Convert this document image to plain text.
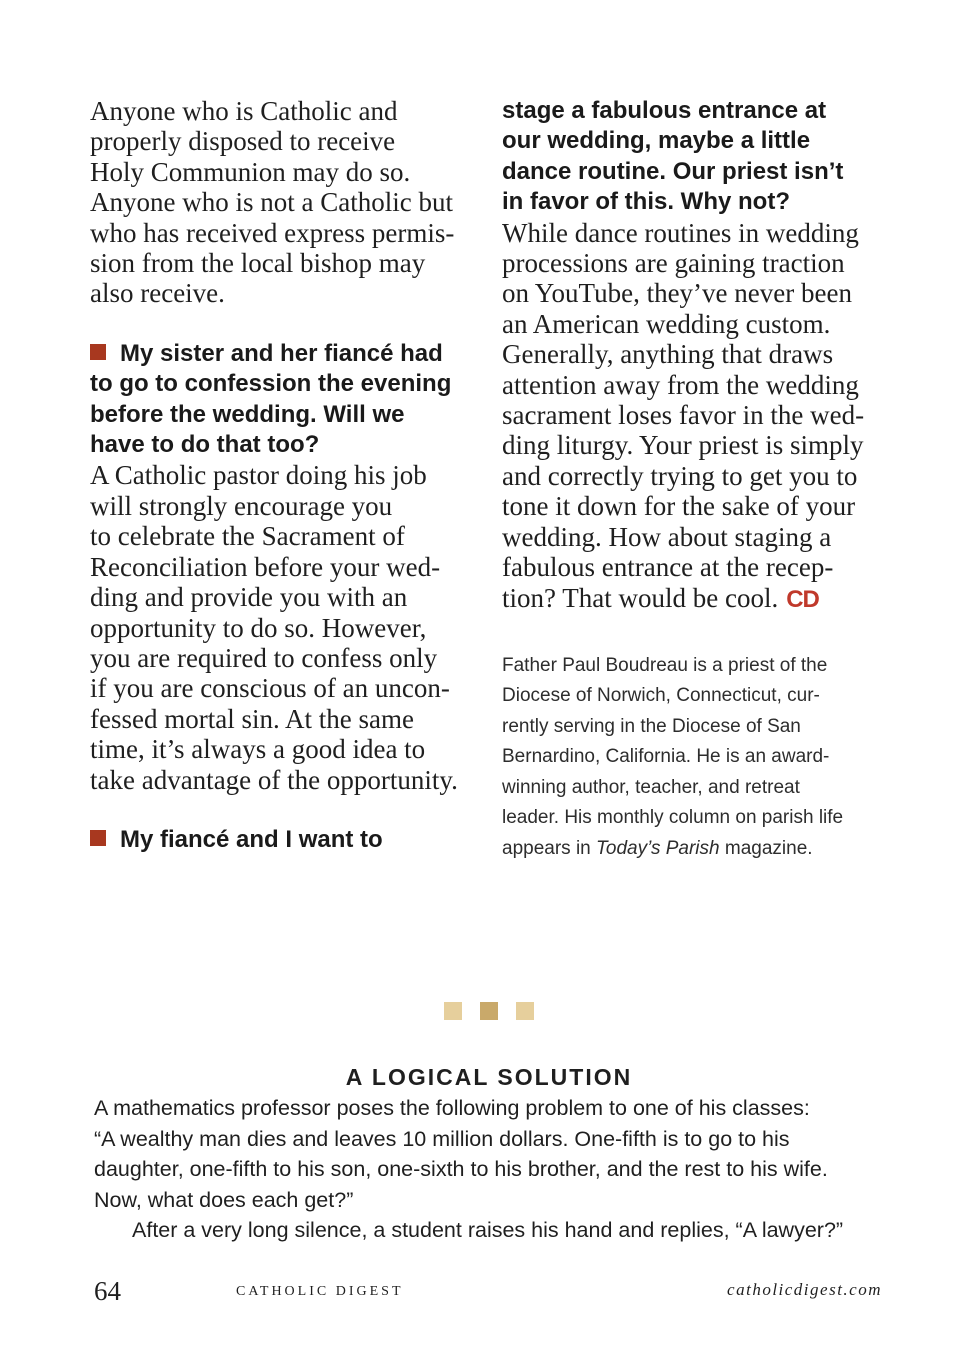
Anyone who is Catholic and

properly disposed to receive

Holy Communion may do so.

Anyone who is not a Catholic but

who has received express permis-

sion from the local bishop may

also receive.

My sister and her fiancé had

to go to confession the evening

before the wedding. Will we

have to do that too?

A Catholic pastor doing his job

will strongly encourage you

to celebrate the Sacrament of

Reconciliation before your wed-

ding and provide you with an

opportunity to do so. However,

you are required to confess only

if you are conscious of an uncon-

fessed mortal sin. At the same

time, it’s always a good idea to

take advantage of the opportunity.

My fiancé and I want to

stage a fabulous entrance at

our wedding, maybe a little

dance routine. Our priest isn’t

in favor of this. Why not?

While dance routines in wedding

processions are gaining traction

on YouTube, they’ve never been

an American wedding custom.

Generally, anything that draws

attention away from the wedding

sacrament loses favor in the wed-

ding liturgy. Your priest is simply

and correctly trying to get you to

tone it down for the sake of your

wedding. How about staging a

fabulous entrance at the recep-

tion? That would be cool. CD

Father Paul Boudreau is a priest of the

Diocese of Norwich, Connecticut, cur-

rently serving in the Diocese of San

Bernardino, California. He is an award-

winning author, teacher, and retreat

leader. His monthly column on parish life

appears in Today’s Parish magazine.

A LOGICAL SOLUTION

A mathematics professor poses the following problem to one of his classes:

“A wealthy man dies and leaves 10 million dollars. One-fifth is to go to his

daughter, one-fifth to his son, one-sixth to his brother, and the rest to his wife.

Now, what does each get?”

After a very long silence, a student raises his hand and replies, “A lawyer?”

64	CATHOLIC DIGEST	catholicdigest.com
